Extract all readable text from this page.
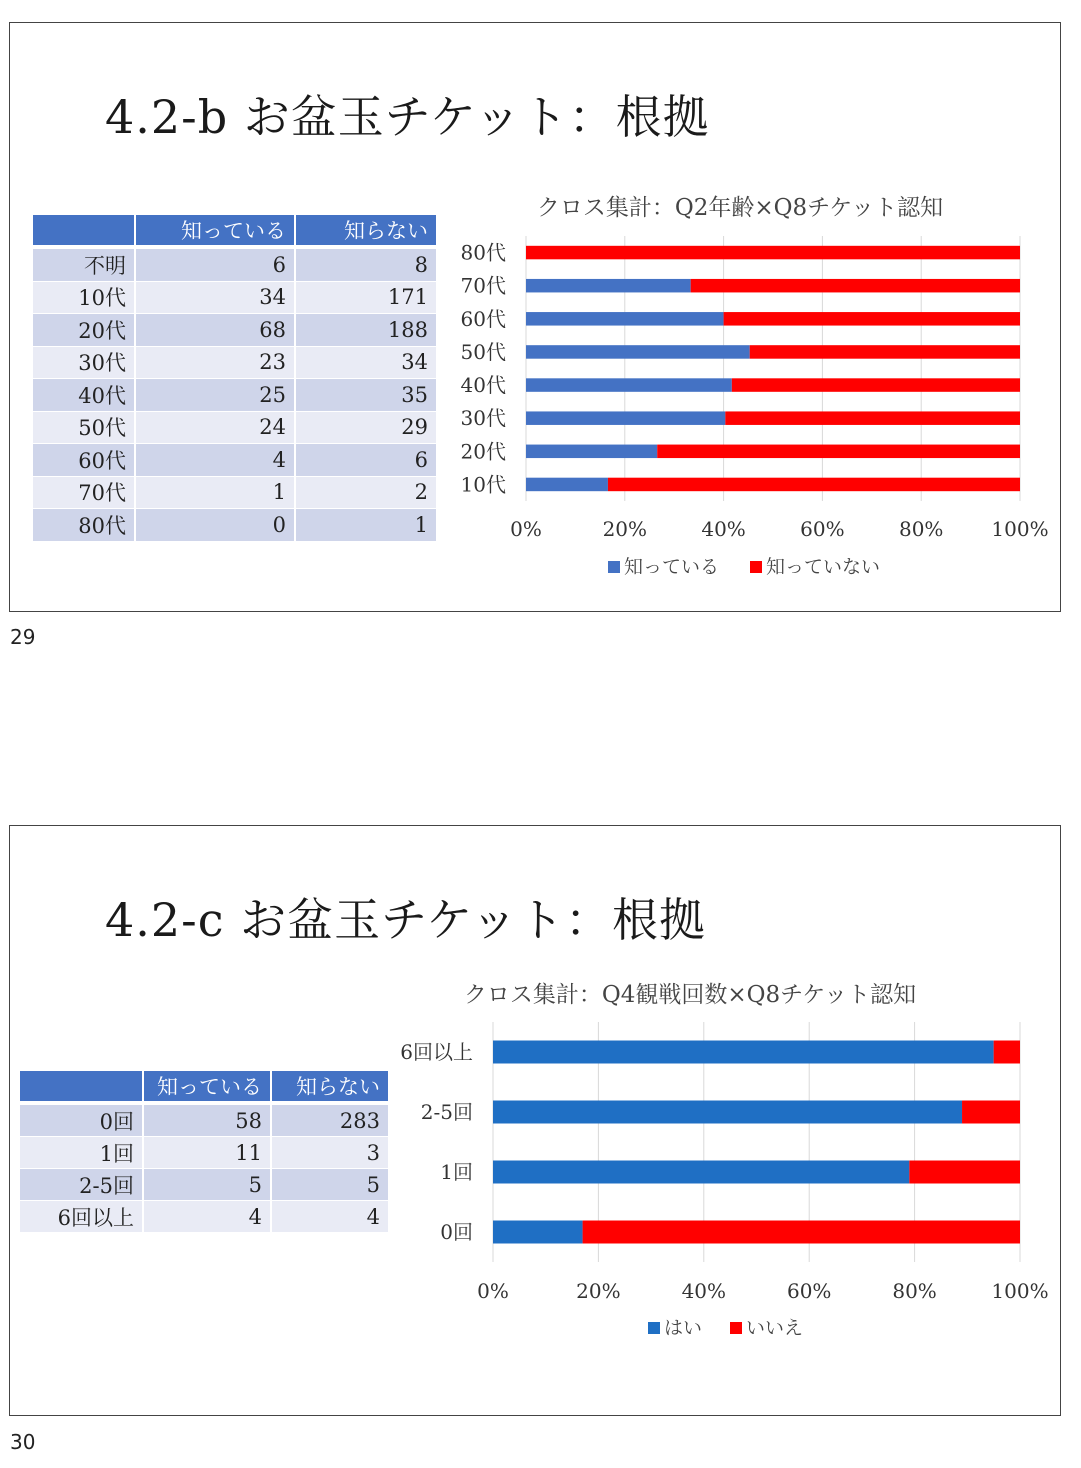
4.2-b お盆玉チケット：根拠
	知っている	知らない
不明	6	8
10代	34	171
20代	68	188
30代	23	34
40代	25	35
50代	24	29
60代	4	6
70代	1	2
80代	0	1
クロス集計：Q2年齢×Q8チケット認知
0%	20%	40%	60%	80% 100%
80代
70代
60代
50代
40代
30代
20代
10代
知っている 知っていない
29
4.2-c お盆玉チケット：根拠
	知っている	知らない
0回	58	283
1回	11	3
2-5回	5	5
6回以上	4	4
クロス集計：Q4観戦回数×Q8チケット認知
0%	20%	40%	60%	80%	100%
6回以上
2-5回
1回
0回
はい いいえ
30
